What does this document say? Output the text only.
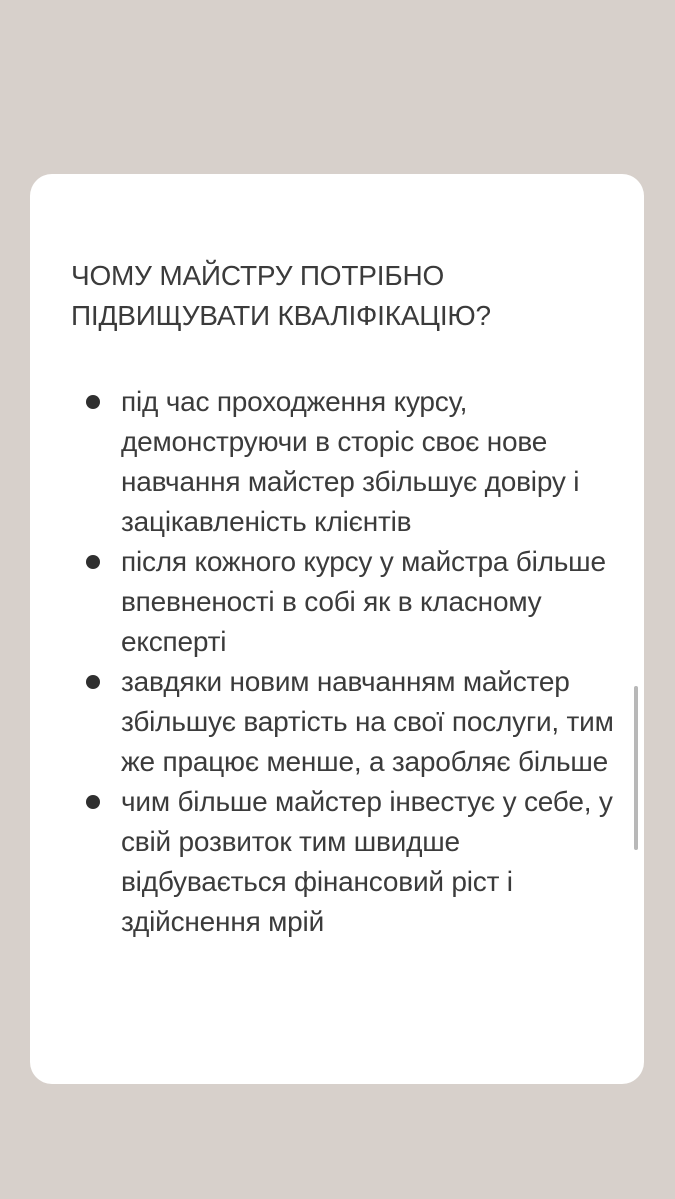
ЧОМУ МАЙСТРУ ПОТРІБНО ПІДВИЩУВАТИ КВАЛІФІКАЦІЮ?
під час проходження курсу, демонструючи в сторіс своє нове навчання майстер збільшує довіру і зацікавленість клієнтів
після кожного курсу у майстра більше впевненості в собі як в класному експерті
завдяки новим навчанням майстер збільшує вартість на свої послуги, тим же працює менше, а заробляє більше
чим більше майстер інвестує у себе, у свій розвиток тим швидше відбувається фінансовий ріст і здійснення мрій
